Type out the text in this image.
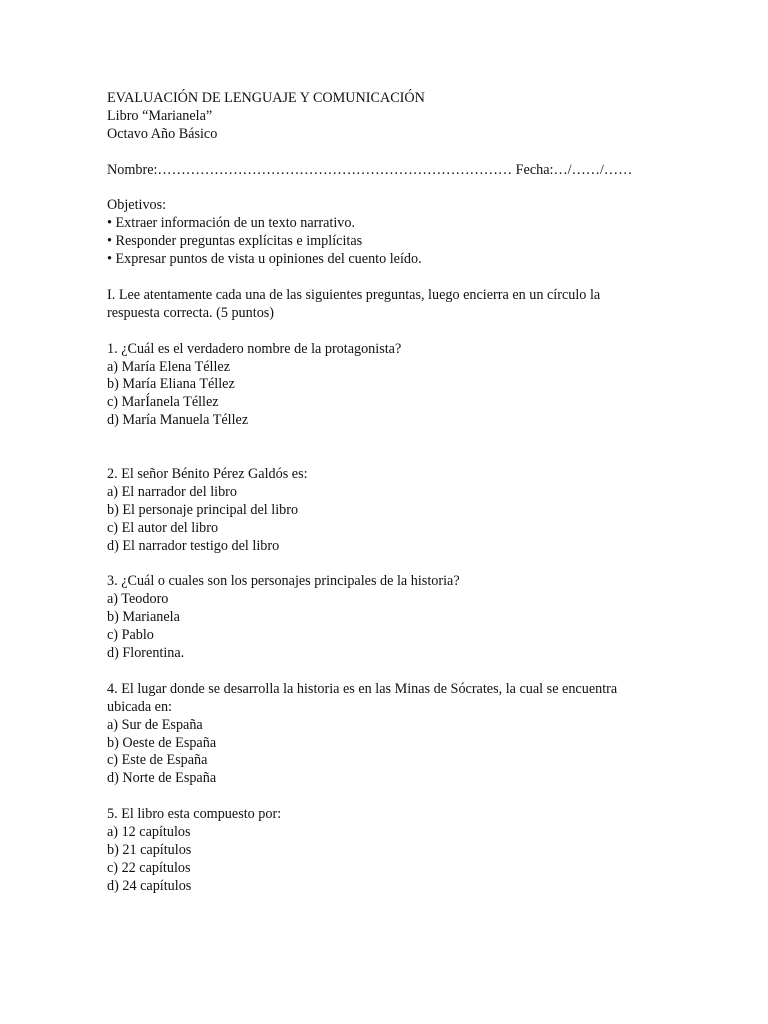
EVALUACIÓN DE LENGUAJE Y COMUNICACIÓN
Libro “Marianela”
Octavo Año Básico
Nombre:………………………………………………………………… Fecha:…/……/……
Objetivos:
• Extraer información de un texto narrativo.
• Responder preguntas explícitas e implícitas
• Expresar puntos de vista u opiniones del cuento leído.
I. Lee atentamente cada una de las siguientes preguntas, luego encierra en un círculo la respuesta correcta. (5 puntos)
1. ¿Cuál es el verdadero nombre de la protagonista?
a) María Elena Téllez
b) María Eliana Téllez
c) MarÍanela Téllez
d) María Manuela Téllez
2. El señor Bénito Pérez Galdós es:
a) El narrador del libro
b) El personaje principal del libro
c) El autor del libro
d) El narrador testigo del libro
3. ¿Cuál o cuales son los personajes principales de la historia?
a) Teodoro
b) Marianela
c) Pablo
d) Florentina.
4. El lugar donde se desarrolla la historia es en las Minas de Sócrates, la cual se encuentra ubicada en:
a) Sur de España
b) Oeste de España
c) Este de España
d) Norte de España
5. El libro esta compuesto por:
a) 12 capítulos
b) 21 capítulos
c) 22 capítulos
d) 24 capítulos
